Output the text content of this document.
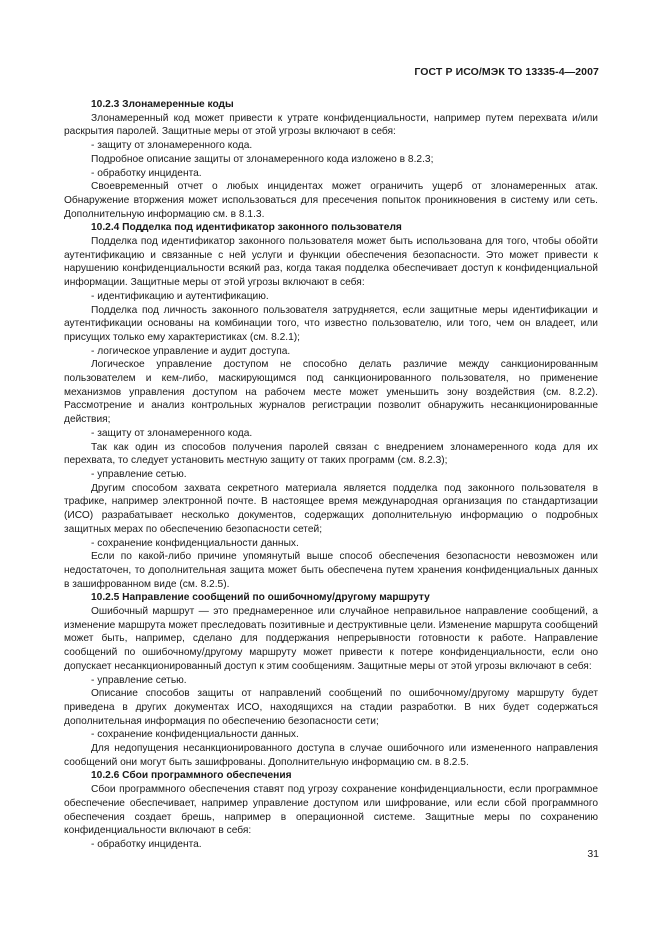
ГОСТ Р ИСО/МЭК ТО 13335-4—2007
10.2.3 Злонамеренные коды

Злонамеренный код может привести к утрате конфиденциальности, например путем перехвата и/или раскрытия паролей. Защитные меры от этой угрозы включают в себя:

- защиту от злонамеренного кода.

Подробное описание защиты от злонамеренного кода изложено в 8.2.3;

- обработку инцидента.

Своевременный отчет о любых инцидентах может ограничить ущерб от злонамеренных атак. Обнаружение вторжения может использоваться для пресечения попыток проникновения в систему или сеть. Дополнительную информацию см. в 8.1.3.

10.2.4 Подделка под идентификатор законного пользователя

Подделка под идентификатор законного пользователя может быть использована для того, чтобы обойти аутентификацию и связанные с ней услуги и функции обеспечения безопасности. Это может привести к нарушению конфиденциальности всякий раз, когда такая подделка обеспечивает доступ к конфиденциальной информации. Защитные меры от этой угрозы включают в себя:

- идентификацию и аутентификацию.

Подделка под личность законного пользователя затрудняется, если защитные меры идентификации и аутентификации основаны на комбинации того, что известно пользователю, или того, чем он владеет, или присущих только ему характеристиках (см. 8.2.1);

- логическое управление и аудит доступа.

Логическое управление доступом не способно делать различие между санкционированным пользователем и кем-либо, маскирующимся под санкционированного пользователя, но применение механизмов управления доступом на рабочем месте может уменьшить зону воздействия (см. 8.2.2). Рассмотрение и анализ контрольных журналов регистрации позволит обнаружить несанкционированные действия;

- защиту от злонамеренного кода.

Так как один из способов получения паролей связан с внедрением злонамеренного кода для их перехвата, то следует установить местную защиту от таких программ (см. 8.2.3);

- управление сетью.

Другим способом захвата секретного материала является подделка под законного пользователя в трафике, например электронной почте. В настоящее время международная организация по стандартизации (ИСО) разрабатывает несколько документов, содержащих дополнительную информацию о подробных защитных мерах по обеспечению безопасности сетей;

- сохранение конфиденциальности данных.

Если по какой-либо причине упомянутый выше способ обеспечения безопасности невозможен или недостаточен, то дополнительная защита может быть обеспечена путем хранения конфиденциальных данных в зашифрованном виде (см. 8.2.5).

10.2.5 Направление сообщений по ошибочному/другому маршруту

Ошибочный маршрут — это преднамеренное или случайное неправильное направление сообщений, а изменение маршрута может преследовать позитивные и деструктивные цели. Изменение маршрута сообщений может быть, например, сделано для поддержания непрерывности готовности к работе. Направление сообщений по ошибочному/другому маршруту может привести к потере конфиденциальности, если оно допускает несанкционированный доступ к этим сообщениям. Защитные меры от этой угрозы включают в себя:

- управление сетью.

Описание способов защиты от направлений сообщений по ошибочному/другому маршруту будет приведена в других документах ИСО, находящихся на стадии разработки. В них будет содержаться дополнительная информация по обеспечению безопасности сети;

- сохранение конфиденциальности данных.

Для недопущения несанкционированного доступа в случае ошибочного или измененного направления сообщений они могут быть зашифрованы. Дополнительную информацию см. в 8.2.5.

10.2.6 Сбои программного обеспечения

Сбои программного обеспечения ставят под угрозу сохранение конфиденциальности, если программное обеспечение обеспечивает, например управление доступом или шифрование, или если сбой программного обеспечения создает брешь, например в операционной системе. Защитные меры по сохранению конфиденциальности включают в себя:

- обработку инцидента.

31
